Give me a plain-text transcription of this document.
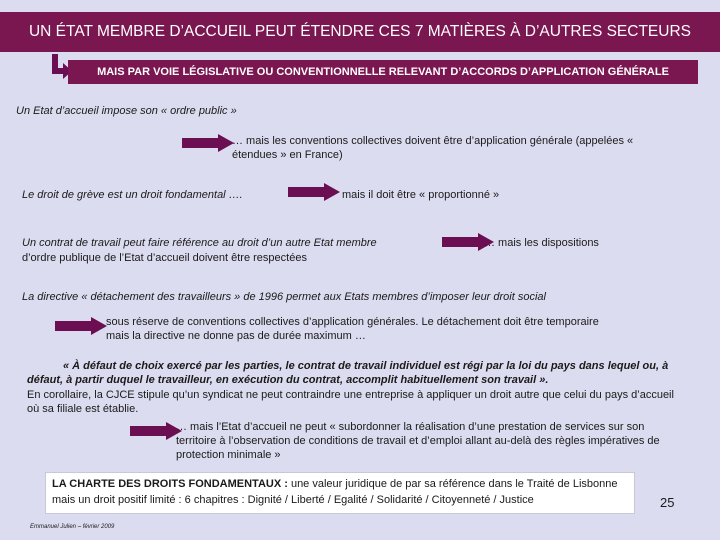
UN ÉTAT MEMBRE D’ACCUEIL PEUT ÉTENDRE CES 7 MATIÈRES À D’AUTRES SECTEURS
MAIS PAR VOIE LÉGISLATIVE OU CONVENTIONNELLE RELEVANT D’ACCORDS D’APPLICATION GÉNÉRALE
Un Etat d’accueil impose son « ordre public »
… mais les conventions collectives doivent être d’application générale (appelées « étendues » en France)
Le droit de grève est un droit fondamental ….	mais il doit être « proportionné »
Un contrat de travail peut faire référence au droit d’un autre Etat membre	… mais les dispositions
d’ordre publique de l’Etat d’accueil doivent être respectées
La directive « détachement des travailleurs » de 1996 permet aux Etats membres d’imposer leur droit social
sous réserve de conventions collectives d’application générales. Le détachement doit être temporaire mais la directive ne donne pas de durée maximum …
« À défaut de choix exercé par les parties, le contrat de travail individuel est régi par la loi du pays dans lequel ou, à défaut, à partir duquel le travailleur, en exécution du contrat, accomplit habituellement son travail ».
En corollaire, la CJCE stipule qu’un syndicat ne peut contraindre une entreprise à appliquer un droit autre que celui du pays d’accueil où sa filiale est établie.
… mais l’Etat d’accueil ne peut « subordonner la réalisation d’une prestation de services sur son territoire à l’observation de conditions de travail et d’emploi allant au-delà des règles impératives de protection minimale »
LA CHARTE DES DROITS FONDAMENTAUX : une valeur juridique de par sa référence dans le Traité de Lisbonne mais un droit positif limité : 6 chapitres : Dignité / Liberté / Egalité / Solidarité / Citoyenneté / Justice	25
Emmanuel Julien – février 2009
